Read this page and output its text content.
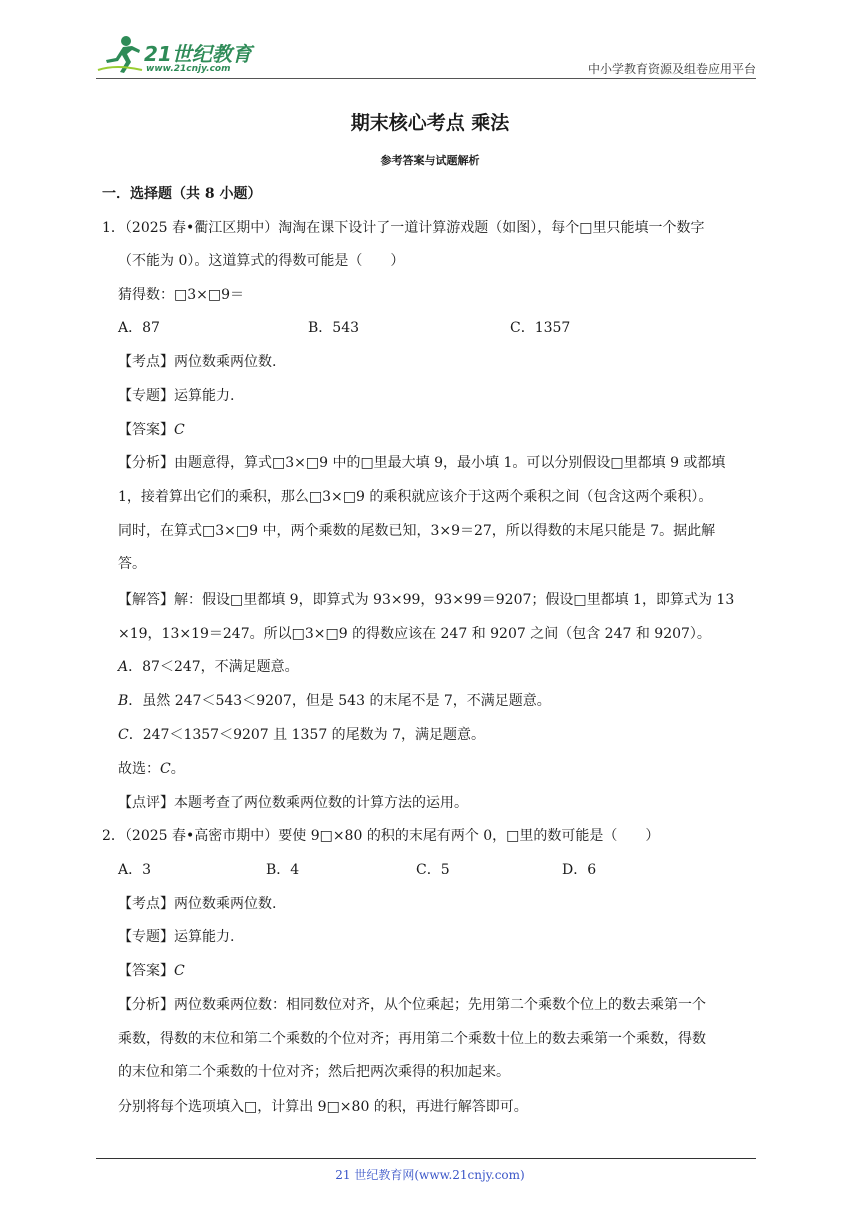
21世纪教育
www.21cnjy.com	中小学教育资源及组卷应用平台
期末核心考点 乘法
参考答案与试题解析
一．选择题（共 8 小题）
1．（2025 春•衢江区期中）淘淘在课下设计了一道计算游戏题（如图），每个□里只能填一个数字
（不能为 0）。这道算式的得数可能是（　　）
猜得数：□3×□9＝
A．87	B．543	C．1357
【考点】两位数乘两位数.
【专题】运算能力.
【答案】C
【分析】由题意得，算式□3×□9 中的□里最大填 9，最小填 1。可以分别假设□里都填 9 或都填
1，接着算出它们的乘积，那么□3×□9 的乘积就应该介于这两个乘积之间（包含这两个乘积）。
同时，在算式□3×□9 中，两个乘数的尾数已知，3×9＝27，所以得数的末尾只能是 7。据此解
答。
【解答】解：假设□里都填 9，即算式为 93×99，93×99＝9207；假设□里都填 1，即算式为 13
×19，13×19＝247。所以□3×□9 的得数应该在 247 和 9207 之间（包含 247 和 9207）。
A．87＜247，不满足题意。
B．虽然 247＜543＜9207，但是 543 的末尾不是 7，不满足题意。
C．247＜1357＜9207 且 1357 的尾数为 7，满足题意。
故选：C。
【点评】本题考查了两位数乘两位数的计算方法的运用。
2．（2025 春•高密市期中）要使 9□×80 的积的末尾有两个 0，□里的数可能是（　　）
A．3	B．4	C．5	D．6
【考点】两位数乘两位数.
【专题】运算能力.
【答案】C
【分析】两位数乘两位数：相同数位对齐，从个位乘起；先用第二个乘数个位上的数去乘第一个
乘数，得数的末位和第二个乘数的个位对齐；再用第二个乘数十位上的数去乘第一个乘数，得数
的末位和第二个乘数的十位对齐；然后把两次乘得的积加起来。
分别将每个选项填入□，计算出 9□×80 的积，再进行解答即可。
21 世纪教育网(www.21cnjy.com)
